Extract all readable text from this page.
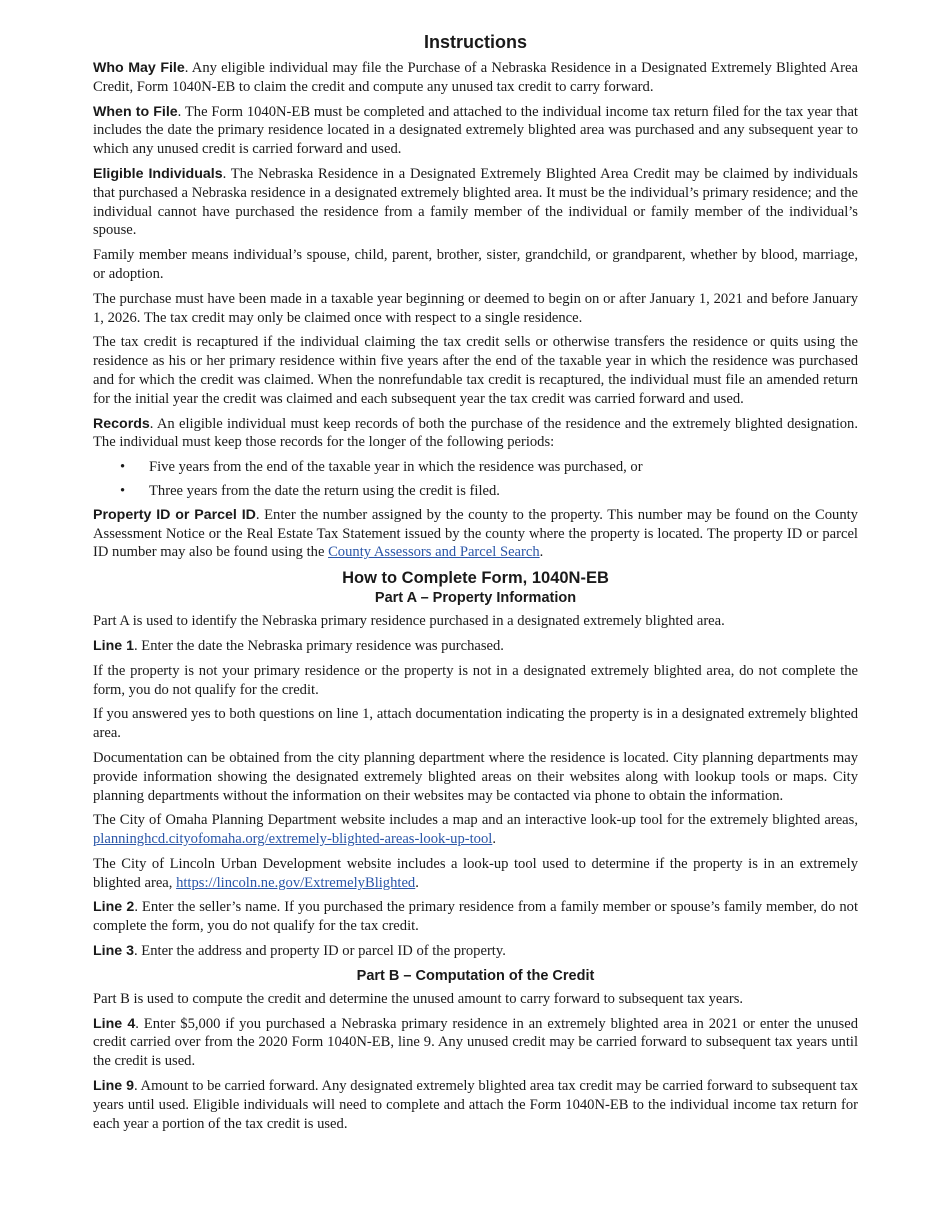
Instructions

Who May File. Any eligible individual may file the Purchase of a Nebraska Residence in a Designated Extremely Blighted Area Credit, Form 1040N-EB to claim the credit and compute any unused tax credit to carry forward.

When to File. The Form 1040N-EB must be completed and attached to the individual income tax return filed for the tax year that includes the date the primary residence located in a designated extremely blighted area was purchased and any subsequent year to which any unused credit is carried forward and used.

Eligible Individuals. The Nebraska Residence in a Designated Extremely Blighted Area Credit may be claimed by individuals that purchased a Nebraska residence in a designated extremely blighted area. It must be the individual’s primary residence; and the individual cannot have purchased the residence from a family member of the individual or family member of the individual’s spouse.

Family member means individual’s spouse, child, parent, brother, sister, grandchild, or grandparent, whether by blood, marriage, or adoption.

The purchase must have been made in a taxable year beginning or deemed to begin on or after January 1, 2021 and before January 1, 2026. The tax credit may only be claimed once with respect to a single residence.

The tax credit is recaptured if the individual claiming the tax credit sells or otherwise transfers the residence or quits using the residence as his or her primary residence within five years after the end of the taxable year in which the residence was purchased and for which the credit was claimed. When the nonrefundable tax credit is recaptured, the individual must file an amended return for the initial year the credit was claimed and each subsequent year the tax credit was carried forward and used.

Records. An eligible individual must keep records of both the purchase of the residence and the extremely blighted designation. The individual must keep those records for the longer of the following periods:

• Five years from the end of the taxable year in which the residence was purchased, or
• Three years from the date the return using the credit is filed.

Property ID or Parcel ID. Enter the number assigned by the county to the property. This number may be found on the County Assessment Notice or the Real Estate Tax Statement issued by the county where the property is located. The property ID or parcel ID number may also be found using the County Assessors and Parcel Search.

How to Complete Form, 1040N-EB
Part A – Property Information

Part A is used to identify the Nebraska primary residence purchased in a designated extremely blighted area.

Line 1. Enter the date the Nebraska primary residence was purchased.

If the property is not your primary residence or the property is not in a designated extremely blighted area, do not complete the form, you do not qualify for the credit.

If you answered yes to both questions on line 1, attach documentation indicating the property is in a designated extremely blighted area.

Documentation can be obtained from the city planning department where the residence is located. City planning departments may provide information showing the designated extremely blighted areas on their websites along with lookup tools or maps. City planning departments without the information on their websites may be contacted via phone to obtain the information.

The City of Omaha Planning Department website includes a map and an interactive look-up tool for the extremely blighted areas, planninghcd.cityofomaha.org/extremely-blighted-areas-look-up-tool.

The City of Lincoln Urban Development website includes a look-up tool used to determine if the property is in an extremely blighted area, https://lincoln.ne.gov/ExtremelyBlighted.

Line 2. Enter the seller’s name. If you purchased the primary residence from a family member or spouse’s family member, do not complete the form, you do not qualify for the tax credit.

Line 3. Enter the address and property ID or parcel ID of the property.

Part B – Computation of the Credit

Part B is used to compute the credit and determine the unused amount to carry forward to subsequent tax years.

Line 4. Enter $5,000 if you purchased a Nebraska primary residence in an extremely blighted area in 2021 or enter the unused credit carried over from the 2020 Form 1040N-EB, line 9. Any unused credit may be carried forward to subsequent tax years until the credit is used.

Line 9. Amount to be carried forward. Any designated extremely blighted area tax credit may be carried forward to subsequent tax years until used. Eligible individuals will need to complete and attach the Form 1040N-EB to the individual income tax return for each year a portion of the tax credit is used.
